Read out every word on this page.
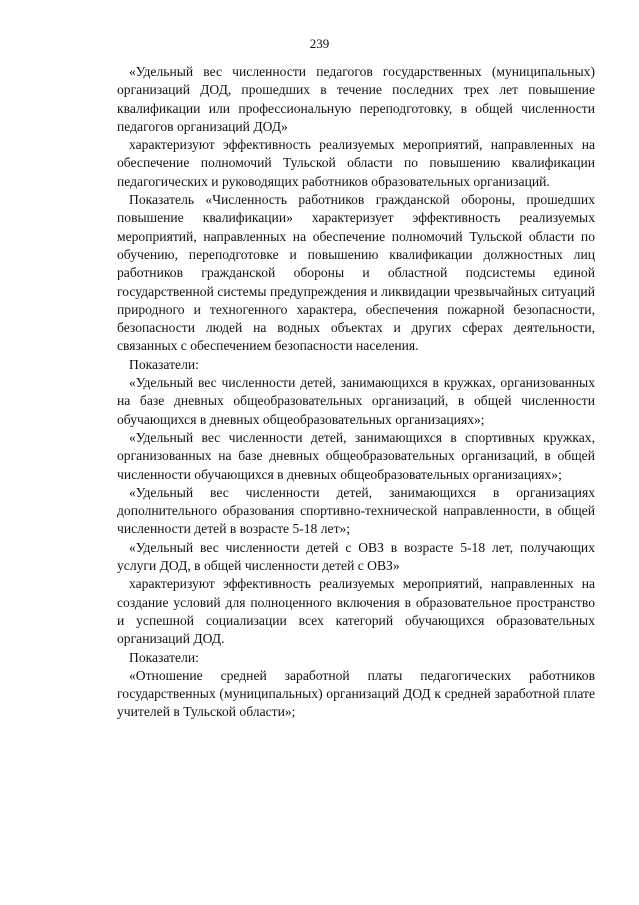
239

«Удельный вес численности педагогов государственных (муниципальных) организаций ДОД, прошедших в течение последних трех лет повышение квалификации или профессиональную переподготовку, в общей численности педагогов организаций ДОД»

характеризуют эффективность реализуемых мероприятий, направленных на обеспечение полномочий Тульской области по повышению квалификации педагогических и руководящих работников образовательных организаций.

Показатель «Численность работников гражданской обороны, прошедших повышение квалификации» характеризует эффективность реализуемых мероприятий, направленных на обеспечение полномочий Тульской области по обучению, переподготовке и повышению квалификации должностных лиц работников гражданской обороны и областной подсистемы единой государственной системы предупреждения и ликвидации чрезвычайных ситуаций природного и техногенного характера, обеспечения пожарной безопасности, безопасности людей на водных объектах и других сферах деятельности, связанных с обеспечением безопасности населения.

Показатели:

«Удельный вес численности детей, занимающихся в кружках, организованных на базе дневных общеобразовательных организаций, в общей численности обучающихся в дневных общеобразовательных организациях»;

«Удельный вес численности детей, занимающихся в спортивных кружках, организованных на базе дневных общеобразовательных организаций, в общей численности обучающихся в дневных общеобразовательных организациях»;

«Удельный вес численности детей, занимающихся в организациях дополнительного образования спортивно-технической направленности, в общей численности детей в возрасте 5-18 лет»;

«Удельный вес численности детей с ОВЗ в возрасте 5-18 лет, получающих услуги ДОД, в общей численности детей с ОВЗ»

характеризуют эффективность реализуемых мероприятий, направленных на создание условий для полноценного включения в образовательное пространство и успешной социализации всех категорий обучающихся образовательных организаций ДОД.

Показатели:

«Отношение средней заработной платы педагогических работников государственных (муниципальных) организаций ДОД к средней заработной плате учителей в Тульской области»;
